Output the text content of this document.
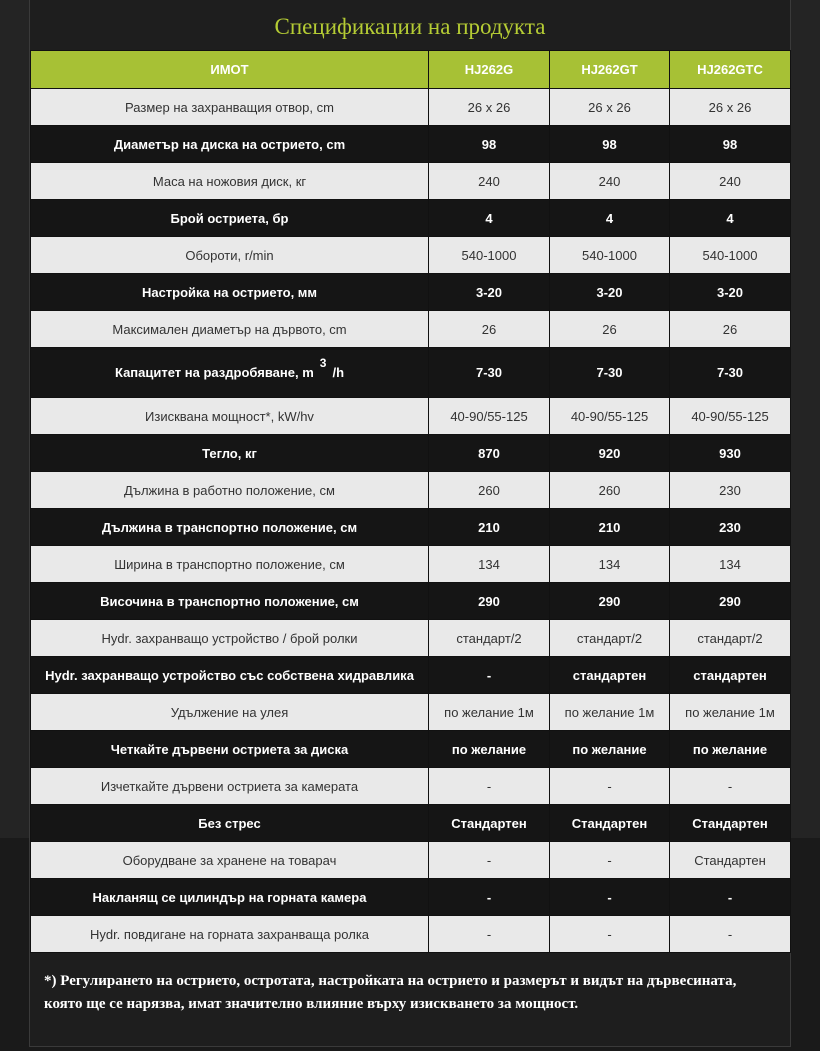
Спецификации на продукта
ИМОТ	HJ262G	HJ262GT	HJ262GTC
Размер на захранващия отвор, cm	26 x 26	26 x 26	26 x 26
Диаметър на диска на острието, cm	98	98	98
Маса на ножовия диск, кг	240	240	240
Брой остриета, бр	4	4	4
Обороти, r/min	540-1000	540-1000	540-1000
Настройка на острието, мм	3-20	3-20	3-20
Максимален диаметър на дървото, cm	26	26	26
Капацитет на раздробяване, m3/h	7-30	7-30	7-30
Изисквана мощност*, kW/hv	40-90/55-125	40-90/55-125	40-90/55-125
Тегло, кг	870	920	930
Дължина в работно положение, см	260	260	230
Дължина в транспортно положение, см	210	210	230
Ширина в транспортно положение, см	134	134	134
Височина в транспортно положение, см	290	290	290
Hydr. захранващо устройство / брой ролки	стандарт/2	стандарт/2	стандарт/2
Hydr. захранващо устройство със собствена хидравлика	-	стандартен	стандартен
Удължение на улея	по желание 1м	по желание 1м	по желание 1м
Четкайте дървени остриета за диска	по желание	по желание	по желание
Изчеткайте дървени остриета за камерата	-	-	-
Без стрес	Стандартен	Стандартен	Стандартен
Оборудване за хранене на товарач	-	-	Стандартен
Накланящ се цилиндър на горната камера	-	-	-
Hydr. повдигане на горната захранваща ролка	-	-	-

*) Регулирането на острието, остротата, настройката на острието и размерът и видът на дървесината, която ще се нарязва, имат значително влияние върху изискването за мощност.
